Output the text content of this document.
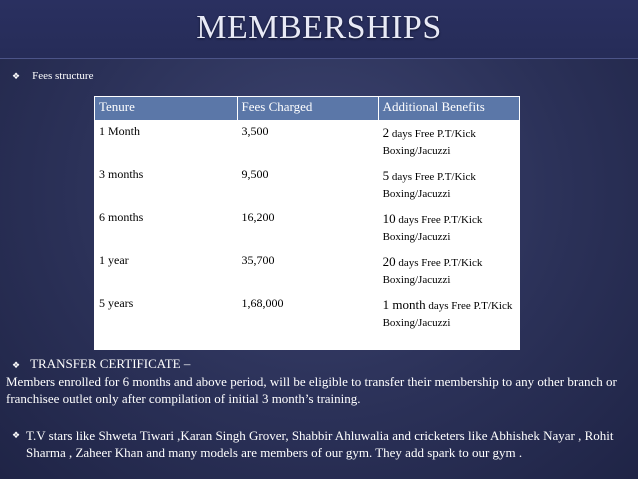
MEMBERSHIPS
❖ Fees structure
Tenure	Fees Charged	Additional Benefits
1 Month	3,500	2 days Free P.T/Kick Boxing/Jacuzzi
3 months	9,500	5 days Free P.T/Kick Boxing/Jacuzzi
6 months	16,200	10 days Free P.T/Kick Boxing/Jacuzzi
1 year	35,700	20 days Free P.T/Kick Boxing/Jacuzzi
5 years	1,68,000	1 month days Free P.T/Kick Boxing/Jacuzzi
❖ TRANSFER CERTIFICATE –
Members enrolled for 6 months and above period, will be eligible to transfer their membership to any other branch or franchisee outlet only after compilation of initial 3 month’s training.
❖ T.V stars like Shweta Tiwari ,Karan Singh Grover, Shabbir Ahluwalia and cricketers like Abhishek Nayar , Rohit Sharma , Zaheer Khan and many models are members of our gym. They add spark to our gym .
